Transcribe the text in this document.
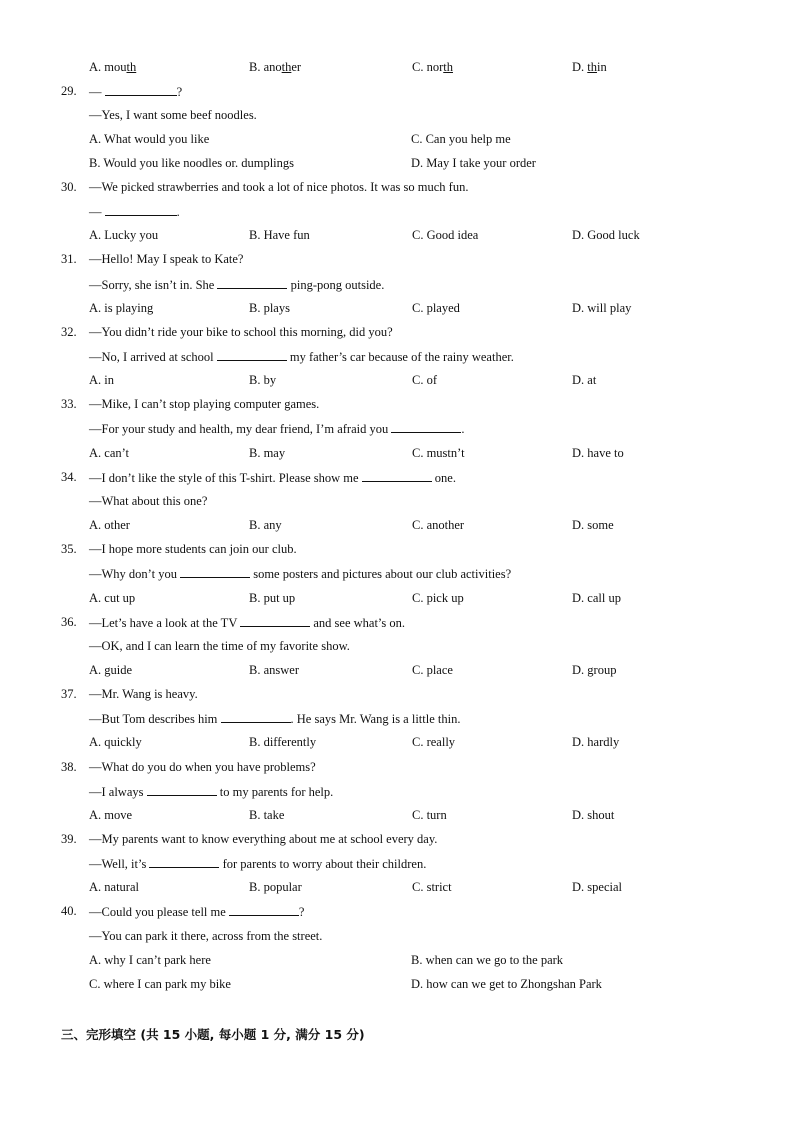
A. mouth	B. another	C. north	D. thin
29. —	?
—Yes, I want some beef noodles.
A. What would you like	C. Can you help me
B. Would you like noodles or. dumplings	D. May I take your order
30. —We picked strawberries and took a lot of nice photos. It was so much fun.
—	.
A. Lucky you	B. Have fun	C. Good idea	D. Good luck
31. —Hello! May I speak to Kate?
—Sorry, she isn’t in. She	ping-pong outside.
A. is playing	B. plays	C. played	D. will play
32. —You didn’t ride your bike to school this morning, did you?
—No, I arrived at school	my father’s car because of the rainy weather.
A. in	B. by	C. of	D. at
33. —Mike, I can’t stop playing computer games.
—For your study and health, my dear friend, I’m afraid you	.
A. can’t	B. may	C. mustn’t	D. have to
34. —I don’t like the style of this T-shirt. Please show me	one.
—What about this one?
A. other	B. any	C. another	D. some
35. —I hope more students can join our club.
—Why don’t you	some posters and pictures about our club activities?
A. cut up	B. put up	C. pick up	D. call up
36. —Let’s have a look at the TV	and see what’s on.
—OK, and I can learn the time of my favorite show.
A. guide	B. answer	C. place	D. group
37. —Mr. Wang is heavy.
—But Tom describes him	. He says Mr. Wang is a little thin.
A. quickly	B. differently	C. really	D. hardly
38. —What do you do when you have problems?
—I always	to my parents for help.
A. move	B. take	C. turn	D. shout
39. —My parents want to know everything about me at school every day.
—Well, it’s	for parents to worry about their children.
A. natural	B. popular	C. strict	D. special
40. —Could you please tell me	?
—You can park it there, across from the street.
A. why I can’t park here	B. when can we go to the park
C. where I can park my bike	D. how can we get to Zhongshan Park
三、完形填空 (共 15 小题, 每小题 1 分, 满分 15 分)
